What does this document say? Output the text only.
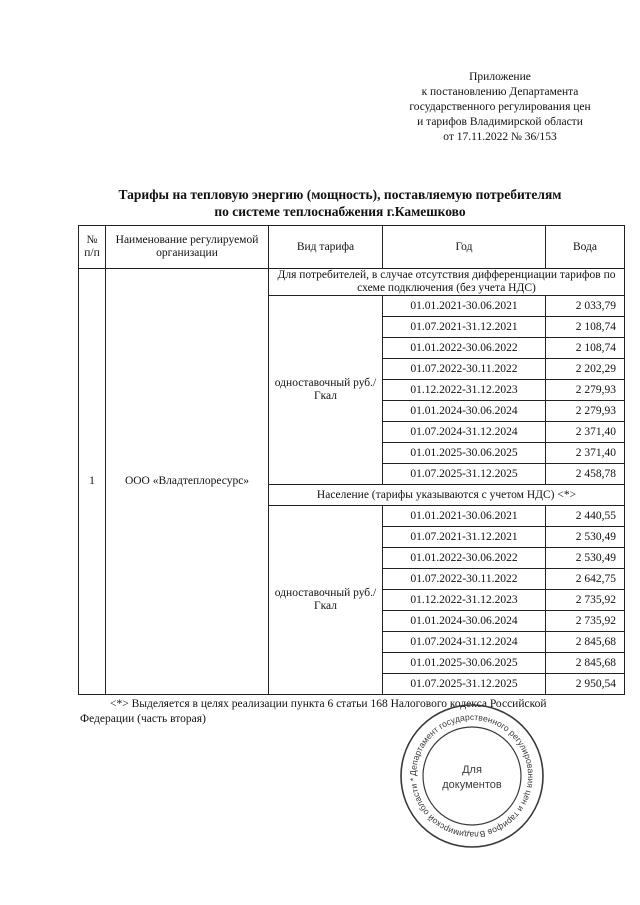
Приложение
к постановлению Департамента
государственного регулирования цен
и тарифов Владимирской области
от 17.11.2022 № 36/153
Тарифы на тепловую энергию (мощность), поставляемую потребителям
по системе теплоснабжения г.Камешково
№ п/п	Наименование регулируемой организации	Вид тарифа	Год	Вода
1	ООО «Владтеплоресурс»	Для потребителей, в случае отсутствия дифференциации тарифов по схеме подключения (без учета НДС)		
		одноставочный руб./Гкал	01.01.2021-30.06.2021	2 033,79
			01.07.2021-31.12.2021	2 108,74
			01.01.2022-30.06.2022	2 108,74
			01.07.2022-30.11.2022	2 202,29
			01.12.2022-31.12.2023	2 279,93
			01.01.2024-30.06.2024	2 279,93
			01.07.2024-31.12.2024	2 371,40
			01.01.2025-30.06.2025	2 371,40
			01.07.2025-31.12.2025	2 458,78
		Население (тарифы указываются с учетом НДС) <*>		
		одноставочный руб./Гкал	01.01.2021-30.06.2021	2 440,55
			01.07.2021-31.12.2021	2 530,49
			01.01.2022-30.06.2022	2 530,49
			01.07.2022-30.11.2022	2 642,75
			01.12.2022-31.12.2023	2 735,92
			01.01.2024-30.06.2024	2 735,92
			01.07.2024-31.12.2024	2 845,68
			01.01.2025-30.06.2025	2 845,68
			01.07.2025-31.12.2025	2 950,54
<*> Выделяется в целях реализации пункта 6 статьи 168 Налогового кодекса Российской
Федерации (часть вторая)
Департамент государственного регулирования цен и тарифов Владимирской области *
Для
документов
